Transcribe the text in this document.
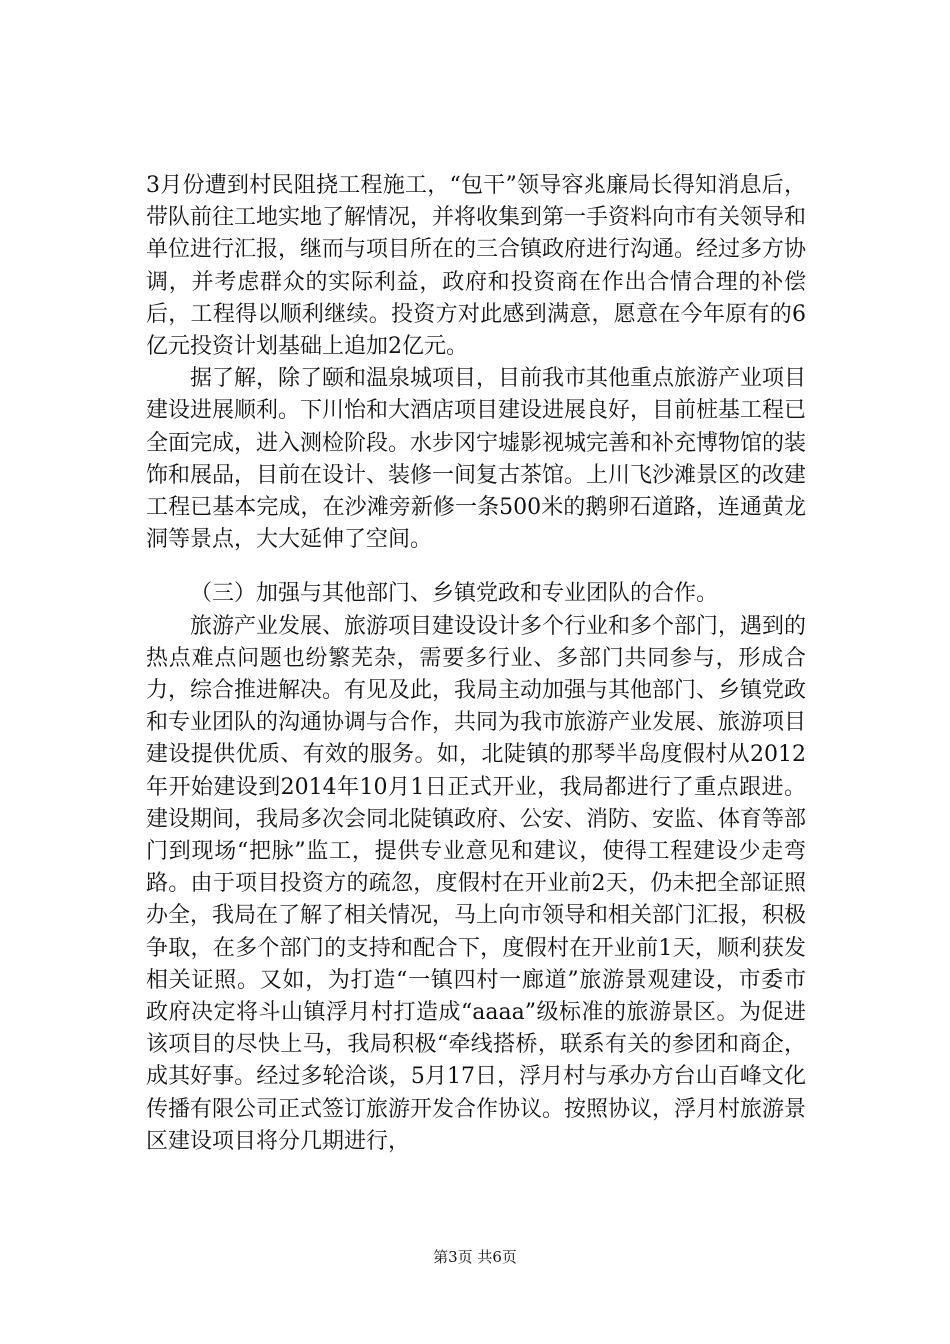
3月份遭到村民阻挠工程施工，“包干”领导容兆廉局长得知消息后，带队前往工地实地了解情况，并将收集到第一手资料向市有关领导和单位进行汇报，继而与项目所在的三合镇政府进行沟通。经过多方协调，并考虑群众的实际利益，政府和投资商在作出合情合理的补偿后，工程得以顺利继续。投资方对此感到满意，愿意在今年原有的6亿元投资计划基础上追加2亿元。

据了解，除了颐和温泉城项目，目前我市其他重点旅游产业项目建设进展顺利。下川怡和大酒店项目建设进展良好，目前桩基工程已全面完成，进入测检阶段。水步冈宁墟影视城完善和补充博物馆的装饰和展品，目前在设计、装修一间复古茶馆。上川飞沙滩景区的改建工程已基本完成，在沙滩旁新修一条500米的鹅卵石道路，连通黄龙洞等景点，大大延伸了空间。

（三）加强与其他部门、乡镇党政和专业团队的合作。

旅游产业发展、旅游项目建设设计多个行业和多个部门，遇到的热点难点问题也纷繁芜杂，需要多行业、多部门共同参与，形成合力，综合推进解决。有见及此，我局主动加强与其他部门、乡镇党政和专业团队的沟通协调与合作，共同为我市旅游产业发展、旅游项目建设提供优质、有效的服务。如，北陡镇的那琴半岛度假村从2012年开始建设到2014年10月1日正式开业，我局都进行了重点跟进。建设期间，我局多次会同北陡镇政府、公安、消防、安监、体育等部门到现场“把脉”监工，提供专业意见和建议，使得工程建设少走弯路。由于项目投资方的疏忽，度假村在开业前2天，仍未把全部证照办全，我局在了解了相关情况，马上向市领导和相关部门汇报，积极争取，在多个部门的支持和配合下，度假村在开业前1天，顺利获发相关证照。又如，为打造“一镇四村一廊道”旅游景观建设，市委市政府决定将斗山镇浮月村打造成“aaaa”级标准的旅游景区。为促进该项目的尽快上马，我局积极“牵线搭桥，联系有关的参团和商企，成其好事。经过多轮洽谈，5月17日，浮月村与承办方台山百峰文化传播有限公司正式签订旅游开发合作协议。按照协议，浮月村旅游景区建设项目将分几期进行，

第3页 共6页
